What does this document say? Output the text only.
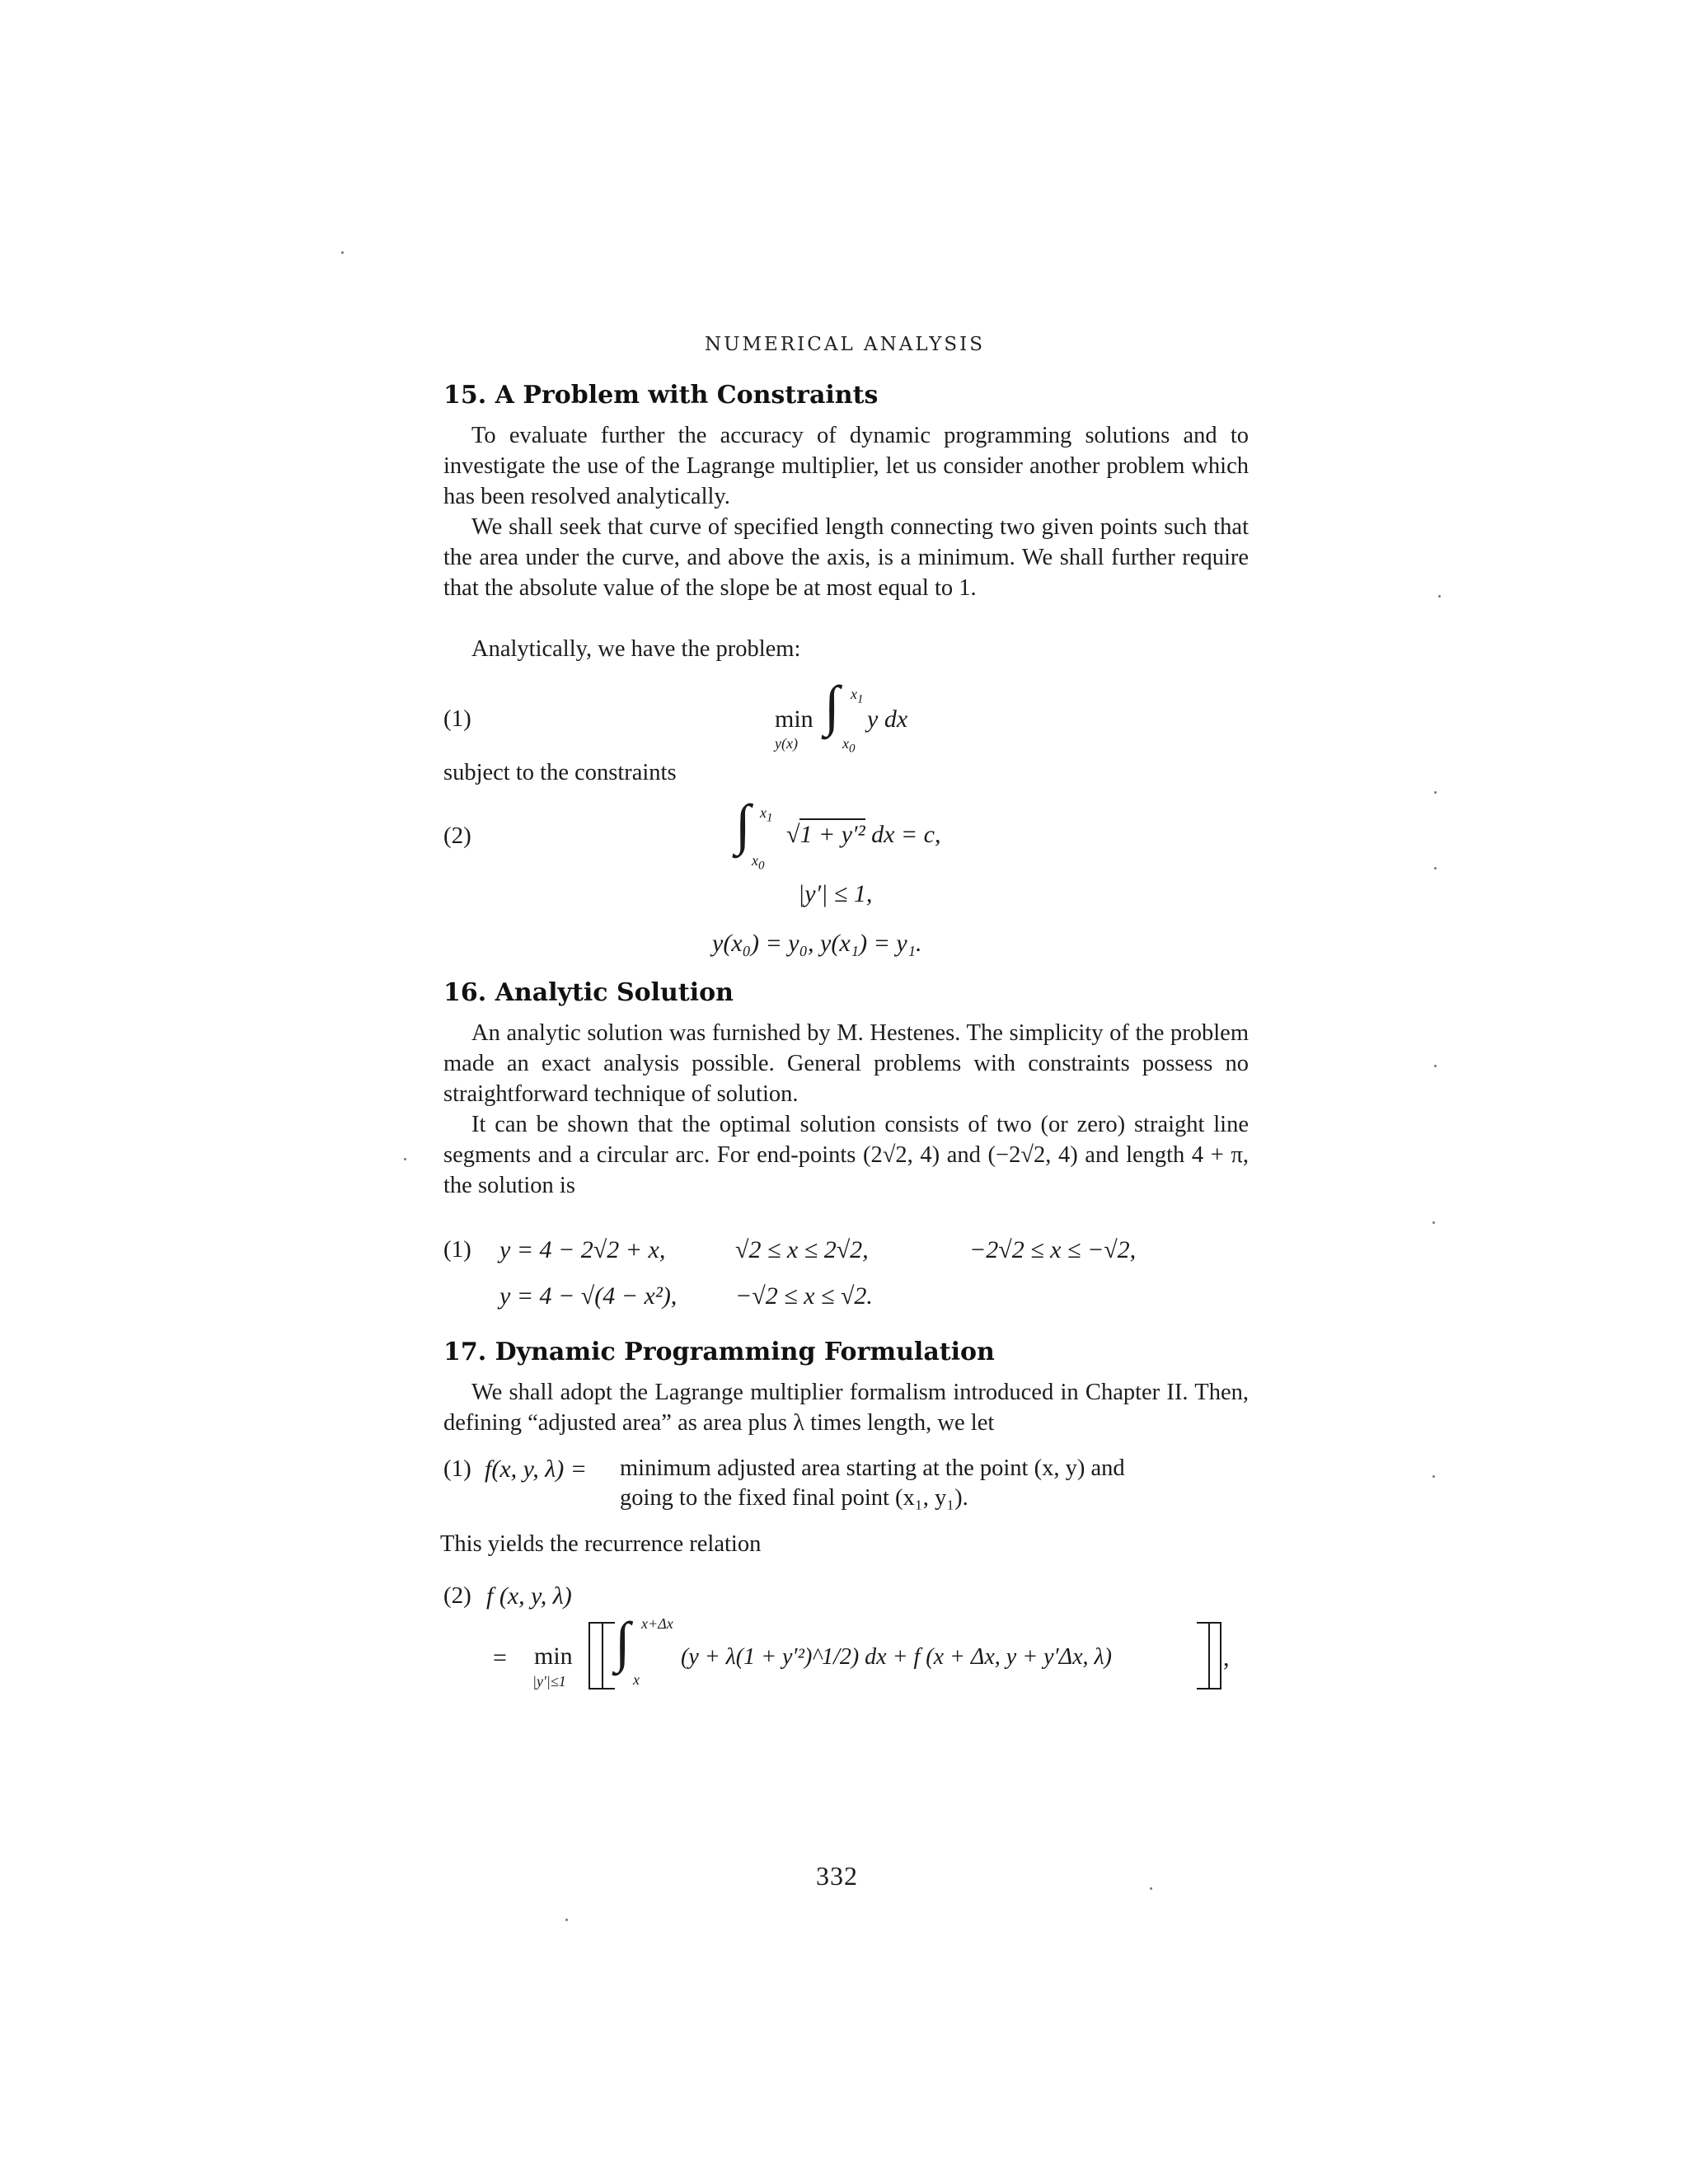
NUMERICAL ANALYSIS
15. A Problem with Constraints
To evaluate further the accuracy of dynamic programming solutions and to investigate the use of the Lagrange multiplier, let us consider another problem which has been resolved analytically.
We shall seek that curve of specified length connecting two given points such that the area under the curve, and above the axis, is a minimum. We shall further require that the absolute value of the slope be at most equal to 1.
Analytically, we have the problem:
(1)	min
y(x)
∫ $x_1$
$x_0$
y dx
subject to the constraints
(2)	∫ $x_1$
$x_0$
√1 + y′² dx = c,
|y′| ≤ 1,
y(x₀) = y₀, y(x₁) = y₁.
16. Analytic Solution
An analytic solution was furnished by M. Hestenes. The simplicity of the problem made an exact analysis possible. General problems with constraints possess no straightforward technique of solution.
It can be shown that the optimal solution consists of two (or zero) straight line segments and a circular arc. For end-points (2√2, 4) and (−2√2, 4) and length 4 + π, the solution is
(1) y = 4 − 2√2 + x,	√2 ≤ x ≤ 2√2,	−2√2 ≤ x ≤ −√2,
y = 4 − √(4 − x²), −√2 ≤ x ≤ √2.
17. Dynamic Programming Formulation
We shall adopt the Lagrange multiplier formalism introduced in Chapter II. Then, defining “adjusted area” as area plus λ times length, we let
(1) f(x, y, λ) = minimum adjusted area starting at the point (x, y) and
going to the fixed final point (x₁, y₁).
This yields the recurrence relation
(2) f (x, y, λ)
= min
|y′|≤1
∫ x+Δx
x
(y + λ(1 + y′²)^1/2) dx + f (x + Δx, y + y′Δx, λ)	,
332
